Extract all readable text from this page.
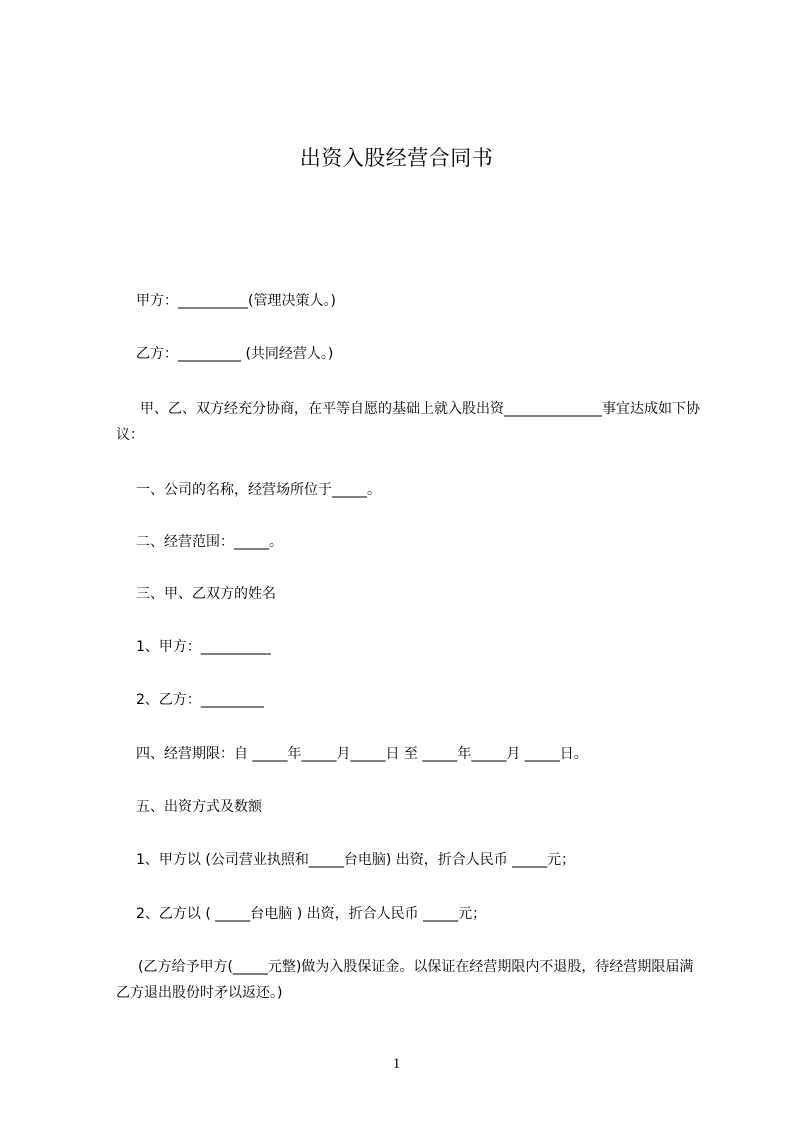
出资入股经营合同书
甲方：__________(管理决策人。)
乙方：_________ (共同经营人。)
甲、乙、双方经充分协商，在平等自愿的基础上就入股出资______________事宜达成如下协议：
一、公司的名称，经营场所位于_____。
二、经营范围：_____。
三、甲、乙双方的姓名
1、甲方：__________
2、乙方：_________
四、经营期限：自 _____年_____月_____日 至 _____年_____月 _____日。
五、出资方式及数额
1、甲方以 (公司营业执照和_____台电脑) 出资，折合人民币 _____元；
2、乙方以 ( _____台电脑 ) 出资，折合人民币 _____元；
(乙方给予甲方(_____元整)做为入股保证金。以保证在经营期限内不退股，待经营期限届满乙方退出股份时矛以返还。)
1
